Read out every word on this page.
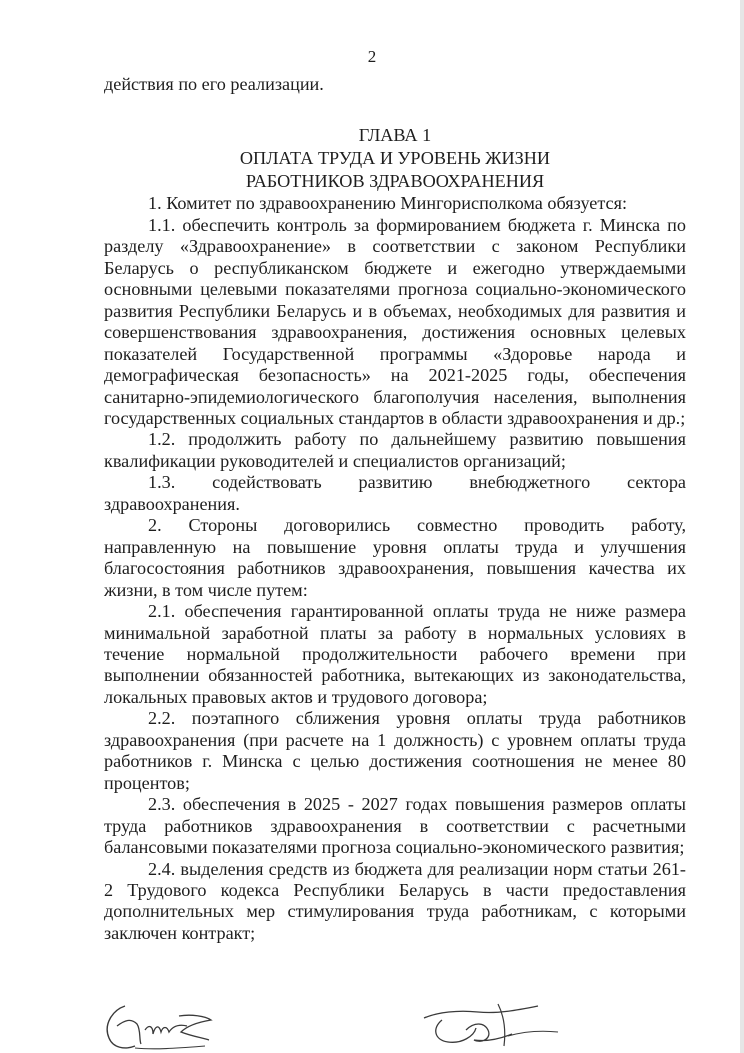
2

действия по его реализации.

ГЛАВА 1
ОПЛАТА ТРУДА И УРОВЕНЬ ЖИЗНИ
РАБОТНИКОВ ЗДРАВООХРАНЕНИЯ

1. Комитет по здравоохранению Мингорисполкома обязуется:

1.1. обеспечить контроль за формированием бюджета г. Минска по разделу «Здравоохранение» в соответствии с законом Республики Беларусь о республиканском бюджете и ежегодно утверждаемыми основными целевыми показателями прогноза социально-экономического развития Республики Беларусь и в объемах, необходимых для развития и совершенствования здравоохранения, достижения основных целевых показателей Государственной программы «Здоровье народа и демографическая безопасность» на 2021-2025 годы, обеспечения санитарно-эпидемиологического благополучия населения, выполнения государственных социальных стандартов в области здравоохранения и др.;

1.2. продолжить работу по дальнейшему развитию повышения квалификации руководителей и специалистов организаций;

1.3. содействовать развитию внебюджетного сектора здравоохранения.

2. Стороны договорились совместно проводить работу, направленную на повышение уровня оплаты труда и улучшения благосостояния работников здравоохранения, повышения качества их жизни, в том числе путем:

2.1. обеспечения гарантированной оплаты труда не ниже размера минимальной заработной платы за работу в нормальных условиях в течение нормальной продолжительности рабочего времени при выполнении обязанностей работника, вытекающих из законодательства, локальных правовых актов и трудового договора;

2.2. поэтапного сближения уровня оплаты труда работников здравоохранения (при расчете на 1 должность) с уровнем оплаты труда работников г. Минска с целью достижения соотношения не менее 80 процентов;

2.3. обеспечения в 2025 - 2027 годах повышения размеров оплаты труда работников здравоохранения в соответствии с расчетными балансовыми показателями прогноза социально-экономического развития;

2.4. выделения средств из бюджета для реализации норм статьи 261-2 Трудового кодекса Республики Беларусь в части предоставления дополнительных мер стимулирования труда работникам, с которыми заключен контракт;
